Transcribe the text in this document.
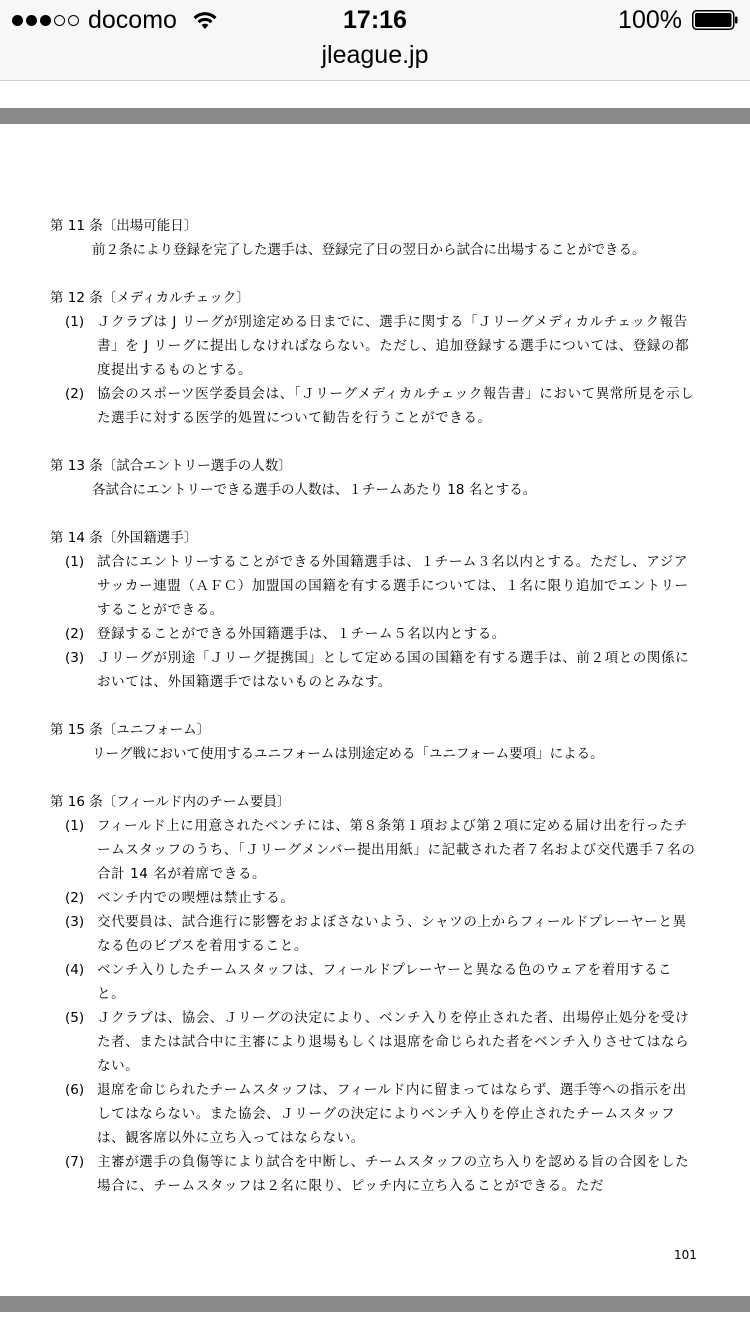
docomo	17:16	100%
jleague.jp

第 11 条〔出場可能日〕

前２条により登録を完了した選手は、登録完了日の翌日から試合に出場することができる。

第 12 条〔メディカルチェック〕

(1) Ｊクラブは J リーグが別途定める日までに、選手に関する「Ｊリーグメディカルチェック報告書」を J リーグに提出しなければならない。ただし、追加登録する選手については、登録の都度提出するものとする。
(2) 協会のスポーツ医学委員会は、「Ｊリーグメディカルチェック報告書」において異常所見を示した選手に対する医学的処置について勧告を行うことができる。

第 13 条〔試合エントリー選手の人数〕

各試合にエントリーできる選手の人数は、１チームあたり 18 名とする。

第 14 条〔外国籍選手〕

(1) 試合にエントリーすることができる外国籍選手は、１チーム３名以内とする。ただし、アジアサッカー連盟（ＡＦＣ）加盟国の国籍を有する選手については、１名に限り追加でエントリーすることができる。
(2) 登録することができる外国籍選手は、１チーム５名以内とする。
(3) Ｊリーグが別途「Ｊリーグ提携国」として定める国の国籍を有する選手は、前２項との関係においては、外国籍選手ではないものとみなす。

第 15 条〔ユニフォーム〕

リーグ戦において使用するユニフォームは別途定める「ユニフォーム要項」による。

第 16 条〔フィールド内のチーム要員〕

(1) フィールド上に用意されたベンチには、第８条第１項および第２項に定める届け出を行ったチームスタッフのうち、「Ｊリーグメンバー提出用紙」に記載された者７名および交代選手７名の合計 14 名が着席できる。
(2) ベンチ内での喫煙は禁止する。
(3) 交代要員は、試合進行に影響をおよぼさないよう、シャツの上からフィールドプレーヤーと異なる色のビブスを着用すること。
(4) ベンチ入りしたチームスタッフは、フィールドプレーヤーと異なる色のウェアを着用すること。
(5) Ｊクラブは、協会、Ｊリーグの決定により、ベンチ入りを停止された者、出場停止処分を受けた者、または試合中に主審により退場もしくは退席を命じられた者をベンチ入りさせてはならない。
(6) 退席を命じられたチームスタッフは、フィールド内に留まってはならず、選手等への指示を出してはならない。また協会、Ｊリーグの決定によりベンチ入りを停止されたチームスタッフは、観客席以外に立ち入ってはならない。
(7) 主審が選手の負傷等により試合を中断し、チームスタッフの立ち入りを認める旨の合図をした場合に、チームスタッフは２名に限り、ピッチ内に立ち入ることができる。ただ
101
